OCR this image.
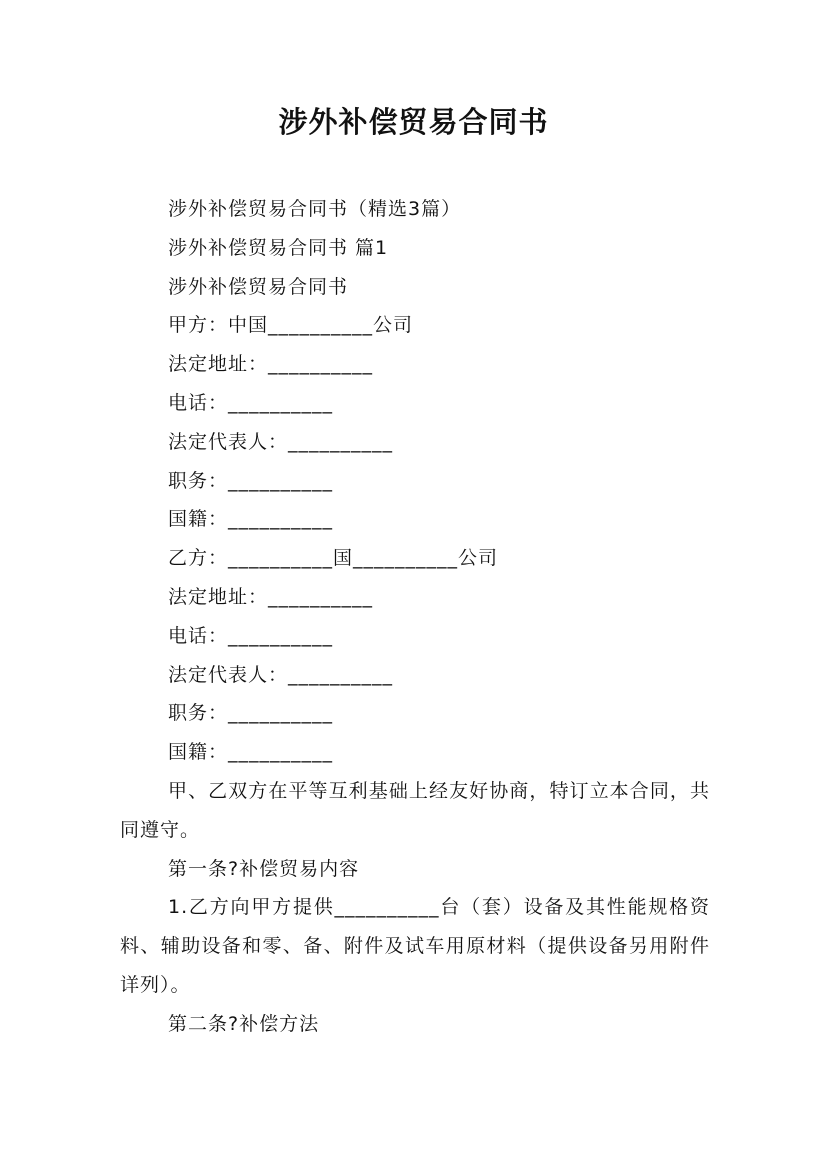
涉外补偿贸易合同书
涉外补偿贸易合同书（精选3篇）
涉外补偿贸易合同书 篇1
涉外补偿贸易合同书
甲方：中国__________公司
法定地址：__________
电话：__________
法定代表人：__________
职务：__________
国籍：__________
乙方：__________国__________公司
法定地址：__________
电话：__________
法定代表人：__________
职务：__________
国籍：__________
甲、乙双方在平等互利基础上经友好协商，特订立本合同，共同遵守。
第一条?补偿贸易内容
1.乙方向甲方提供__________台（套）设备及其性能规格资料、辅助设备和零、备、附件及试车用原材料（提供设备另用附件详列）。
第二条?补偿方法
